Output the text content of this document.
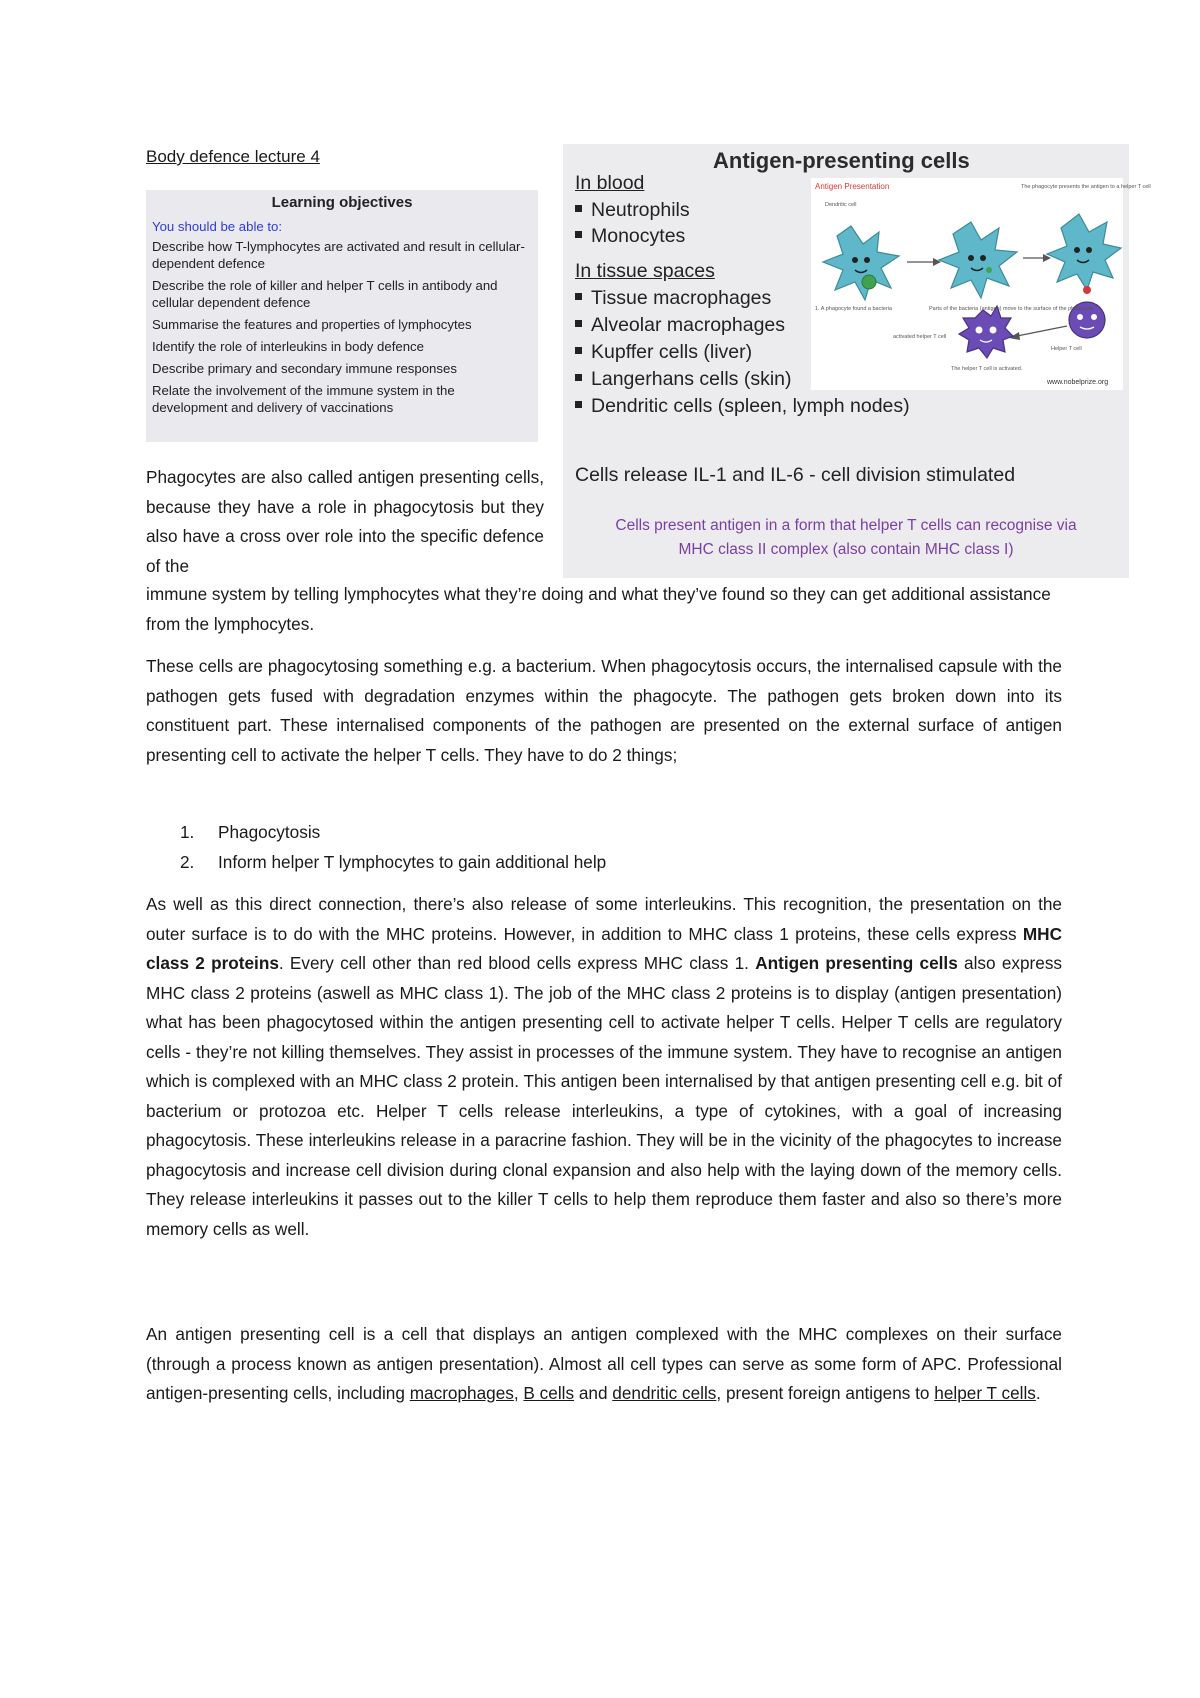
Body defence lecture 4
Learning objectives
You should be able to:
Describe how T-lymphocytes are activated and result in cellular-dependent defence
Describe the role of killer and helper T cells in antibody and cellular dependent defence
Summarise the features and properties of lymphocytes
Identify the role of interleukins in body defence
Describe primary and secondary immune responses
Relate the involvement of the immune system in the development and delivery of vaccinations
Antigen-presenting cells
In blood
Neutrophils
Monocytes
In tissue spaces
Tissue macrophages
Alveolar macrophages
Kupffer cells (liver)
Langerhans cells (skin)
Dendritic cells (spleen, lymph nodes)
Cells release IL-1 and IL-6 - cell division stimulated
Cells present antigen in a form that helper T cells can recognise via
MHC class II complex (also contain MHC class I)
Antigen Presentation
Dendritic cell
The phagocyte presents the antigen to a helper T cell
1. A phagocyte found a bacteria	Parts of the bacteria (antigen) move to the surface of the phagocyte
activated helper T cell
Helper T cell
The helper T cell is activated.
www.nobelprize.org

Phagocytes are also called antigen presenting cells, because they have a role in phagocytosis but they also have a cross over role into the specific defence of the

immune system by telling lymphocytes what they’re doing and what they’ve found so they can get additional assistance from the lymphocytes.

These cells are phagocytosing something e.g. a bacterium. When phagocytosis occurs, the internalised capsule with the pathogen gets fused with degradation enzymes within the phagocyte. The pathogen gets broken down into its constituent part. These internalised components of the pathogen are presented on the external surface of antigen presenting cell to activate the helper T cells. They have to do 2 things;

1. Phagocytosis
2. Inform helper T lymphocytes to gain additional help

As well as this direct connection, there’s also release of some interleukins. This recognition, the presentation on the outer surface is to do with the MHC proteins. However, in addition to MHC class 1 proteins, these cells express MHC class 2 proteins. Every cell other than red blood cells express MHC class 1. Antigen presenting cells also express MHC class 2 proteins (aswell as MHC class 1). The job of the MHC class 2 proteins is to display (antigen presentation) what has been phagocytosed within the antigen presenting cell to activate helper T cells. Helper T cells are regulatory cells - they’re not killing themselves. They assist in processes of the immune system. They have to recognise an antigen which is complexed with an MHC class 2 protein. This antigen been internalised by that antigen presenting cell e.g. bit of bacterium or protozoa etc. Helper T cells release interleukins, a type of cytokines, with a goal of increasing phagocytosis. These interleukins release in a paracrine fashion. They will be in the vicinity of the phagocytes to increase phagocytosis and increase cell division during clonal expansion and also help with the laying down of the memory cells. They release interleukins it passes out to the killer T cells to help them reproduce them faster and also so there’s more memory cells as well.

An antigen presenting cell is a cell that displays an antigen complexed with the MHC complexes on their surface (through a process known as antigen presentation). Almost all cell types can serve as some form of APC. Professional antigen-presenting cells, including macrophages, B cells and dendritic cells, present foreign antigens to helper T cells.
